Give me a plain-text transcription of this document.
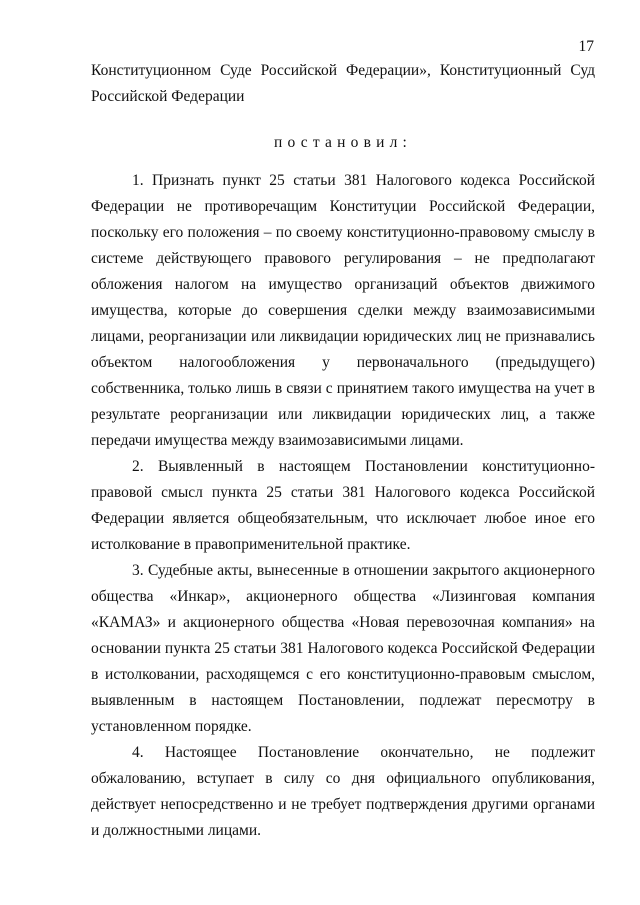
17

Конституционном Суде Российской Федерации», Конституционный Суд Российской Федерации

постановил:

1. Признать пункт 25 статьи 381 Налогового кодекса Российской Федерации не противоречащим Конституции Российской Федерации, поскольку его положения – по своему конституционно-правовому смыслу в системе действующего правового регулирования – не предполагают обложения налогом на имущество организаций объектов движимого имущества, которые до совершения сделки между взаимозависимыми лицами, реорганизации или ликвидации юридических лиц не признавались объектом налогообложения у первоначального (предыдущего) собственника, только лишь в связи с принятием такого имущества на учет в результате реорганизации или ликвидации юридических лиц, а также передачи имущества между взаимозависимыми лицами.

2. Выявленный в настоящем Постановлении конституционно-правовой смысл пункта 25 статьи 381 Налогового кодекса Российской Федерации является общеобязательным, что исключает любое иное его истолкование в правоприменительной практике.

3. Судебные акты, вынесенные в отношении закрытого акционерного общества «Инкар», акционерного общества «Лизинговая компания «КАМАЗ» и акционерного общества «Новая перевозочная компания» на основании пункта 25 статьи 381 Налогового кодекса Российской Федерации в истолковании, расходящемся с его конституционно-правовым смыслом, выявленным в настоящем Постановлении, подлежат пересмотру в установленном порядке.

4. Настоящее Постановление окончательно, не подлежит обжалованию, вступает в силу со дня официального опубликования, действует непосредственно и не требует подтверждения другими органами и должностными лицами.
